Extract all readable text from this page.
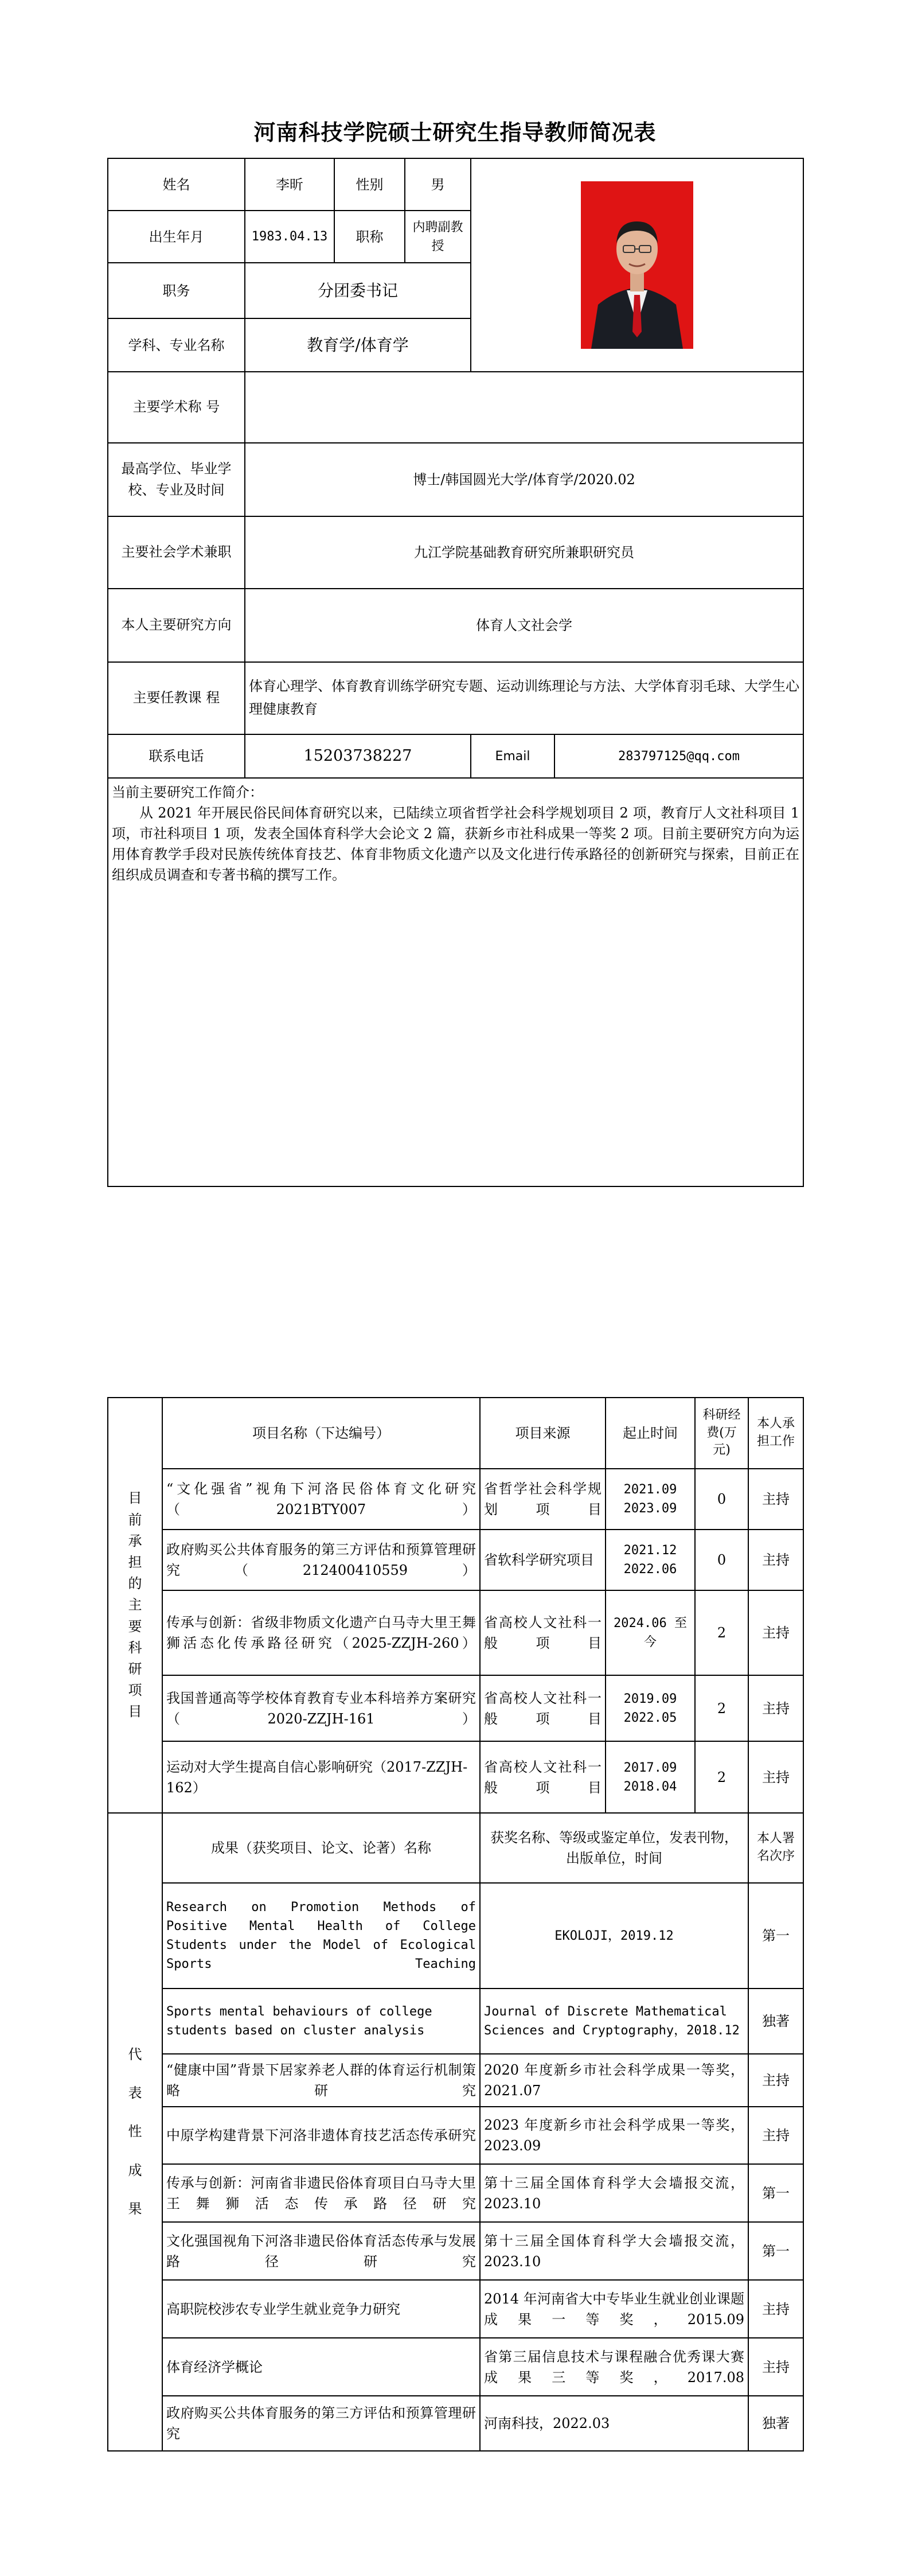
河南科技学院硕士研究生指导教师简况表
姓名	李昕	性别	男	

出生年月	1983.04.13	职称	内聘副教授		
职务	分团委书记				
学科、专业名称	教育学/体育学				
主要学术称 号					
最高学位、毕业学校、专业及时间	博士/韩国圆光大学/体育学/2020.02				
主要社会学术兼职	九江学院基础教育研究所兼职研究员				
本人主要研究方向	体育人文社会学				
主要任教课 程	体育心理学、体育教育训练学研究专题、运动训练理论与方法、大学体育羽毛球、大学生心理健康教育				
联系电话	15203738227			Email	283797125@qq.com

当前主要研究工作简介：
从 2021 年开展民俗民间体育研究以来，已陆续立项省哲学社会科学规划项目 2 项，教育厅人文社科项目 1 项，市社科项目 1 项，发表全国体育科学大会论文 2 篇，获新乡市社科成果一等奖 2 项。目前主要研究方向为运用体育教学手段对民族传统体育技艺、体育非物质文化遗产以及文化进行传承路径的创新研究与探索，目前正在组织成员调查和专著书稿的撰写工作。					
目前承担的主要科研项目	项目名称（下达编号）	项目来源	起止时间	科研经费(万元)	本人承担工作
	“文化强省”视角下河洛民俗体育文化研究（2021BTY007）	省哲学社会科学规划项目	2021.09 2023.09	0	主持
	政府购买公共体育服务的第三方评估和预算管理研究（212400410559）	省软科学研究项目	2021.12 2022.06	0	主持
	传承与创新：省级非物质文化遗产白马寺大里王舞狮活态化传承路径研究（2025-ZZJH-260）	省高校人文社科一般项目	2024.06 至今	2	主持
	我国普通高等学校体育教育专业本科培养方案研究（2020-ZZJH-161）	省高校人文社科一般项目	2019.09 2022.05	2	主持
	运动对大学生提高自信心影响研究（2017-ZZJH-162）	省高校人文社科一般项目	2017.09 2018.04	2	主持
代表性成果	成果（获奖项目、论文、论著）名称	获奖名称、等级或鉴定单位，发表刊物，出版单位，时间			本人署名次序
	Research on Promotion Methods of Positive Mental Health of College Students under the Model of Ecological Sports Teaching	EKOLOJI，2019.12			第一
	Sports mental behaviours of college students based on cluster analysis	Journal of Discrete Mathematical Sciences and Cryptography，2018.12			独著
	“健康中国”背景下居家养老人群的体育运行机制策略研究	2020 年度新乡市社会科学成果一等奖，2021.07			主持
	中原学构建背景下河洛非遗体育技艺活态传承研究	2023 年度新乡市社会科学成果一等奖，2023.09			主持
	传承与创新：河南省非遗民俗体育项目白马寺大里王舞狮活态传承路径研究	第十三届全国体育科学大会墙报交流，2023.10			第一
	文化强国视角下河洛非遗民俗体育活态传承与发展路径研究	第十三届全国体育科学大会墙报交流，2023.10			第一
	高职院校涉农专业学生就业竞争力研究	2014 年河南省大中专毕业生就业创业课题成果一等奖，2015.09			主持
	体育经济学概论	省第三届信息技术与课程融合优秀课大赛成果三等奖，2017.08			主持
	政府购买公共体育服务的第三方评估和预算管理研究	河南科技，2022.03			独著
